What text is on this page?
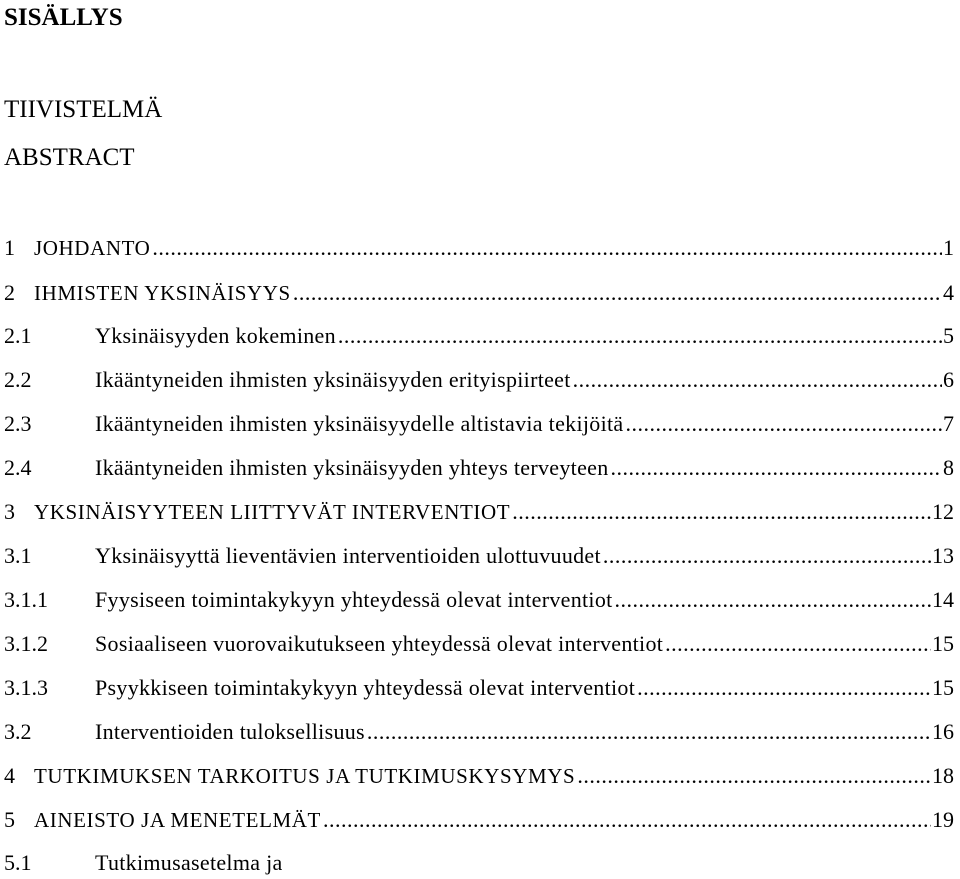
SISÄLLYS
TIIVISTELMÄ
ABSTRACT
1 JOHDANTO .....	1
2 IHMISTEN YKSINÄISYYS .....	4
2.1	Yksinäisyyden kokeminen .....	5
2.2	Ikääntyneiden ihmisten yksinäisyyden erityispiirteet .....	6
2.3	Ikääntyneiden ihmisten yksinäisyydelle altistavia tekijöitä .....	7
2.4	Ikääntyneiden ihmisten yksinäisyyden yhteys terveyteen .....	8
3 YKSINÄISYYTEEN LIITTYVÄT INTERVENTIOT .....	12
3.1	Yksinäisyyttä lieventävien interventioiden ulottuvuudet .....	13
3.1.1	Fyysiseen toimintakykyyn yhteydessä olevat interventiot .....	14
3.1.2	Sosiaaliseen vuorovaikutukseen yhteydessä olevat interventiot .....	15
3.1.3	Psyykkiseen toimintakykyyn yhteydessä olevat interventiot .....	15
3.2	Interventioiden tuloksellisuus .....	16
4 TUTKIMUKSEN TARKOITUS JA TUTKIMUSKYSYMYS .....	18
5 AINEISTO JA MENETELMÄT .....	19
5.1	Tutkimusasetelma ja
